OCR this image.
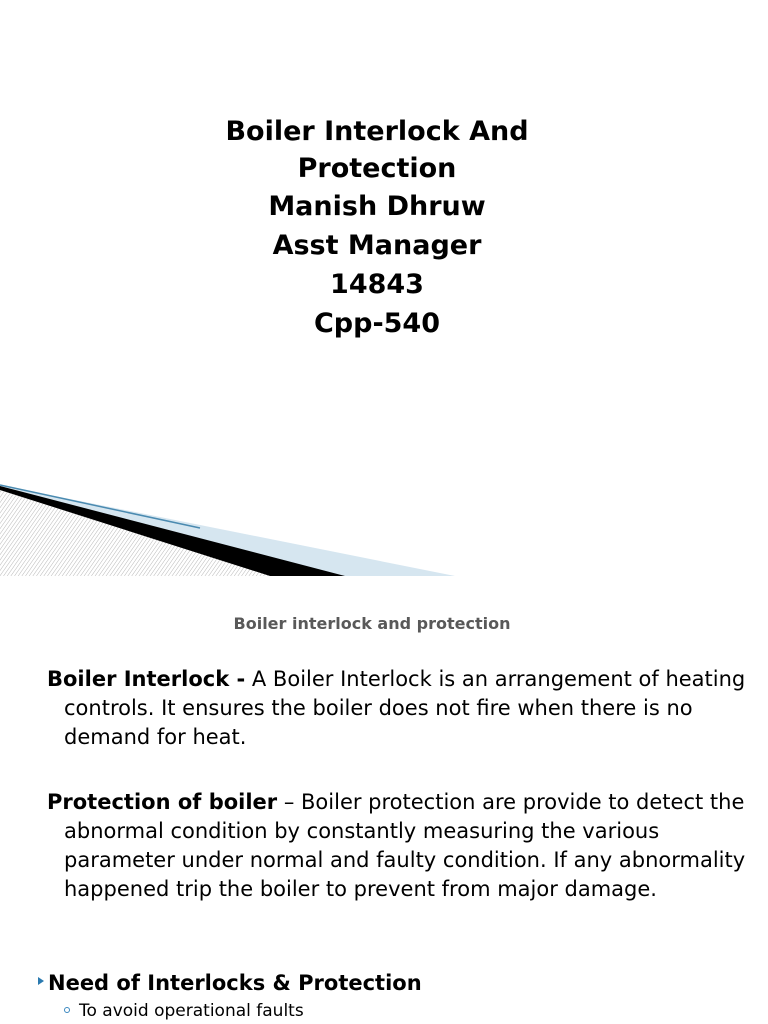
Boiler Interlock And
Protection
Manish Dhruw
Asst Manager
14843
Cpp-540
Boiler interlock and protection
Boiler Interlock - A Boiler Interlock is an arrangement of heating controls. It ensures the boiler does not fire when there is no demand for heat.
Protection of boiler – Boiler protection are provide to detect the abnormal condition by constantly measuring the various parameter under normal and faulty condition. If any abnormality happened trip the boiler to prevent from major damage.
Need of Interlocks & Protection
To avoid operational faults
